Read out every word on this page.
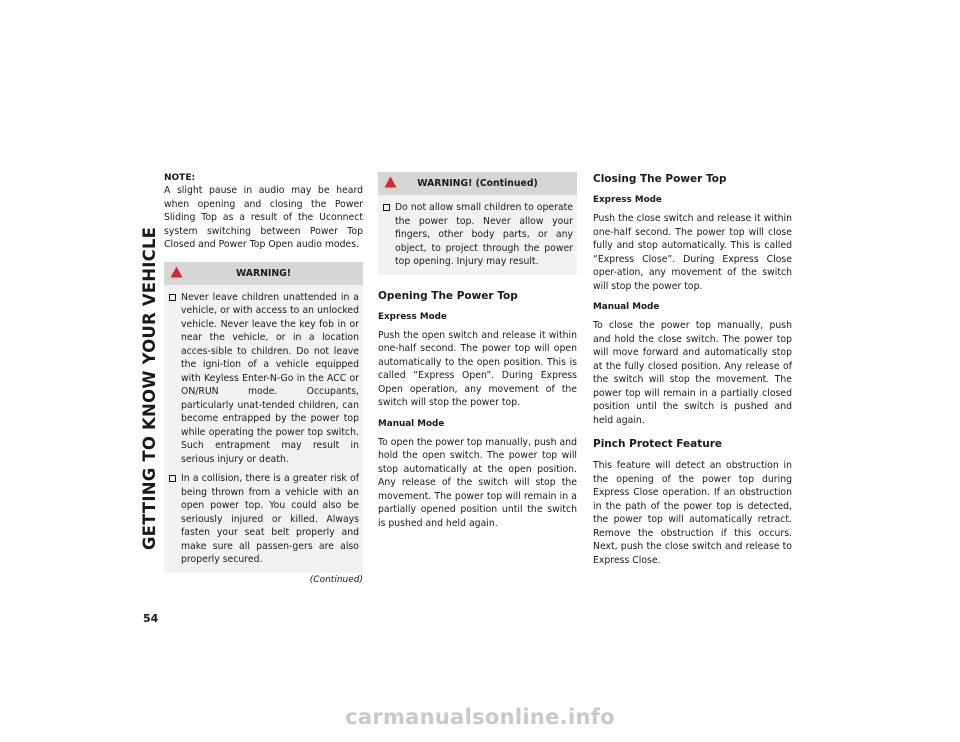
GETTING TO KNOW YOUR VEHICLE
54
NOTE:

A slight pause in audio may be heard when opening and closing the Power Sliding Top as a result of the Uconnect system switching between Power Top Closed and Power Top Open audio modes.

WARNING!
Never leave children unattended in a vehicle, or with access to an unlocked vehicle. Never leave the key fob in or near the vehicle, or in a location acces-sible to children. Do not leave the igni-tion of a vehicle equipped with Keyless Enter-N-Go in the ACC or ON/RUN mode. Occupants, particularly unat-tended children, can become entrapped by the power top while operating the power top switch. Such entrapment may result in serious injury or death.
In a collision, there is a greater risk of being thrown from a vehicle with an open power top. You could also be seriously injured or killed. Always fasten your seat belt properly and make sure all passen-gers are also properly secured.
(Continued)
WARNING! (Continued)
Do not allow small children to operate the power top. Never allow your fingers, other body parts, or any object, to project through the power top opening. Injury may result.
Opening The Power Top
Express Mode

Push the open switch and release it within one-half second. The power top will open automatically to the open position. This is called “Express Open”. During Express Open operation, any movement of the switch will stop the power top.

Manual Mode

To open the power top manually, push and hold the open switch. The power top will stop automatically at the open position. Any release of the switch will stop the movement. The power top will remain in a partially opened position until the switch is pushed and held again.

Closing The Power Top
Express Mode

Push the close switch and release it within one-half second. The power top will close fully and stop automatically. This is called “Express Close”. During Express Close oper-ation, any movement of the switch will stop the power top.

Manual Mode

To close the power top manually, push and hold the close switch. The power top will move forward and automatically stop at the fully closed position. Any release of the switch will stop the movement. The power top will remain in a partially closed position until the switch is pushed and held again.

Pinch Protect Feature

This feature will detect an obstruction in the opening of the power top during Express Close operation. If an obstruction in the path of the power top is detected, the power top will automatically retract. Remove the obstruction if this occurs. Next, push the close switch and release to Express Close.

carmanualsonline.info
